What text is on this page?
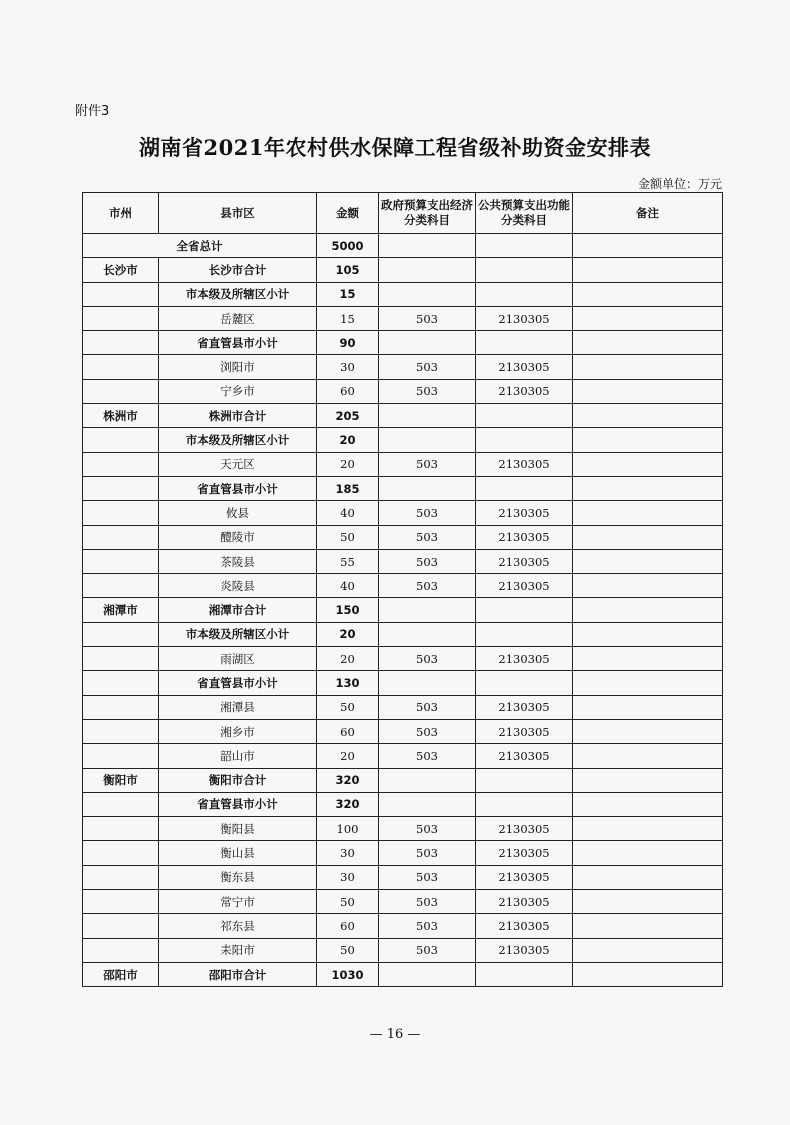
附件3
湖南省2021年农村供水保障工程省级补助资金安排表
金额单位：万元
市州	县市区	金额	政府预算支出经济分类科目	公共预算支出功能分类科目	备注
全省总计		5000			
长沙市	长沙市合计	105			
	市本级及所辖区小计	15			
	岳麓区	15	503	2130305	
	省直管县市小计	90			
	浏阳市	30	503	2130305	
	宁乡市	60	503	2130305	
株洲市	株洲市合计	205			
	市本级及所辖区小计	20			
	天元区	20	503	2130305	
	省直管县市小计	185			
	攸县	40	503	2130305	
	醴陵市	50	503	2130305	
	茶陵县	55	503	2130305	
	炎陵县	40	503	2130305	
湘潭市	湘潭市合计	150			
	市本级及所辖区小计	20			
	雨湖区	20	503	2130305	
	省直管县市小计	130			
	湘潭县	50	503	2130305	
	湘乡市	60	503	2130305	
	韶山市	20	503	2130305	
衡阳市	衡阳市合计	320			
	省直管县市小计	320			
	衡阳县	100	503	2130305	
	衡山县	30	503	2130305	
	衡东县	30	503	2130305	
	常宁市	50	503	2130305	
	祁东县	60	503	2130305	
	耒阳市	50	503	2130305	
邵阳市	邵阳市合计	1030			
— 16 —
